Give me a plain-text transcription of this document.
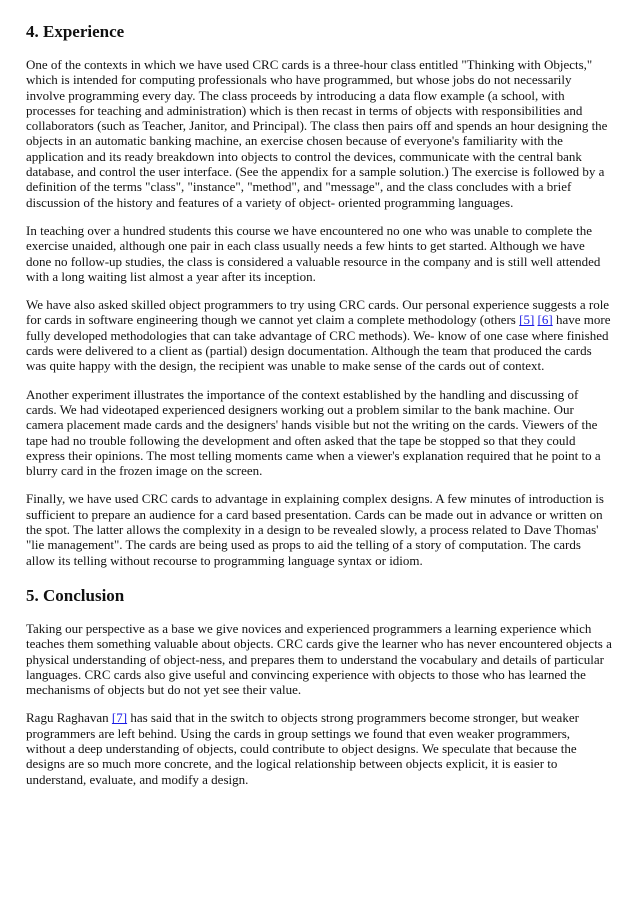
4. Experience

One of the contexts in which we have used CRC cards is a three-hour class entitled "Thinking with Objects," which is intended for computing professionals who have programmed, but whose jobs do not necessarily involve programming every day. The class proceeds by introducing a data flow example (a school, with processes for teaching and administration) which is then recast in terms of objects with responsibilities and collaborators (such as Teacher, Janitor, and Principal). The class then pairs off and spends an hour designing the objects in an automatic banking machine, an exercise chosen because of everyone's familiarity with the application and its ready breakdown into objects to control the devices, communicate with the central bank database, and control the user interface. (See the appendix for a sample solution.) The exercise is followed by a definition of the terms "class", "instance", "method", and "message", and the class concludes with a brief discussion of the history and features of a variety of object- oriented programming languages.

In teaching over a hundred students this course we have encountered no one who was unable to complete the exercise unaided, although one pair in each class usually needs a few hints to get started. Although we have done no follow-up studies, the class is considered a valuable resource in the company and is still well attended with a long waiting list almost a year after its inception.

We have also asked skilled object programmers to try using CRC cards. Our personal experience suggests a role for cards in software engineering though we cannot yet claim a complete methodology (others [5] [6] have more fully developed methodologies that can take advantage of CRC methods). We- know of one case where finished cards were delivered to a client as (partial) design documentation. Although the team that produced the cards was quite happy with the design, the recipient was unable to make sense of the cards out of context.

Another experiment illustrates the importance of the context established by the handling and discussing of cards. We had videotaped experienced designers working out a problem similar to the bank machine. Our camera placement made cards and the designers' hands visible but not the writing on the cards. Viewers of the tape had no trouble following the development and often asked that the tape be stopped so that they could express their opinions. The most telling moments came when a viewer's explanation required that he point to a blurry card in the frozen image on the screen.

Finally, we have used CRC cards to advantage in explaining complex designs. A few minutes of introduction is sufficient to prepare an audience for a card based presentation. Cards can be made out in advance or written on the spot. The latter allows the complexity in a design to be revealed slowly, a process related to Dave Thomas' "lie management". The cards are being used as props to aid the telling of a story of computation. The cards allow its telling without recourse to programming language syntax or idiom.

5. Conclusion

Taking our perspective as a base we give novices and experienced programmers a learning experience which teaches them something valuable about objects. CRC cards give the learner who has never encountered objects a physical understanding of object-ness, and prepares them to understand the vocabulary and details of particular languages. CRC cards also give useful and convincing experience with objects to those who has learned the mechanisms of objects but do not yet see their value.

Ragu Raghavan [7] has said that in the switch to objects strong programmers become stronger, but weaker programmers are left behind. Using the cards in group settings we found that even weaker programmers, without a deep understanding of objects, could contribute to object designs. We speculate that because the designs are so much more concrete, and the logical relationship between objects explicit, it is easier to understand, evaluate, and modify a design.
